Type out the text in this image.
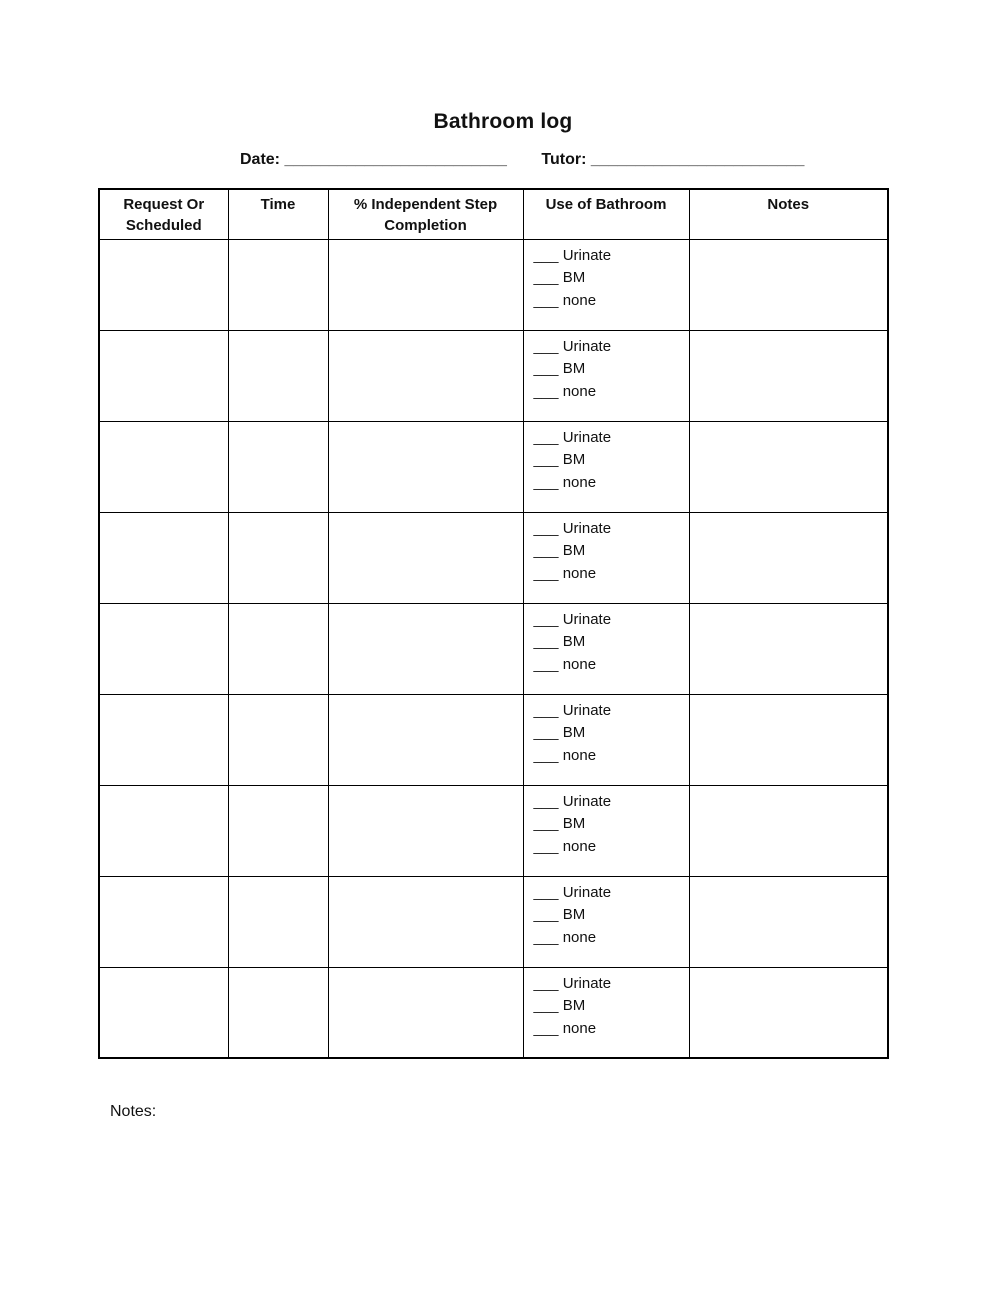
Bathroom log
Date: _________________________ Tutor: ________________________
Request Or Scheduled	Time	% Independent Step Completion	Use of Bathroom	Notes

			___ Urinate
___ BM
___ none	

			___ Urinate
___ BM
___ none	

			___ Urinate
___ BM
___ none	

			___ Urinate
___ BM
___ none	

			___ Urinate
___ BM
___ none	

			___ Urinate
___ BM
___ none	

			___ Urinate
___ BM
___ none	

			___ Urinate
___ BM
___ none	

			___ Urinate
___ BM
___ none	

Notes:
